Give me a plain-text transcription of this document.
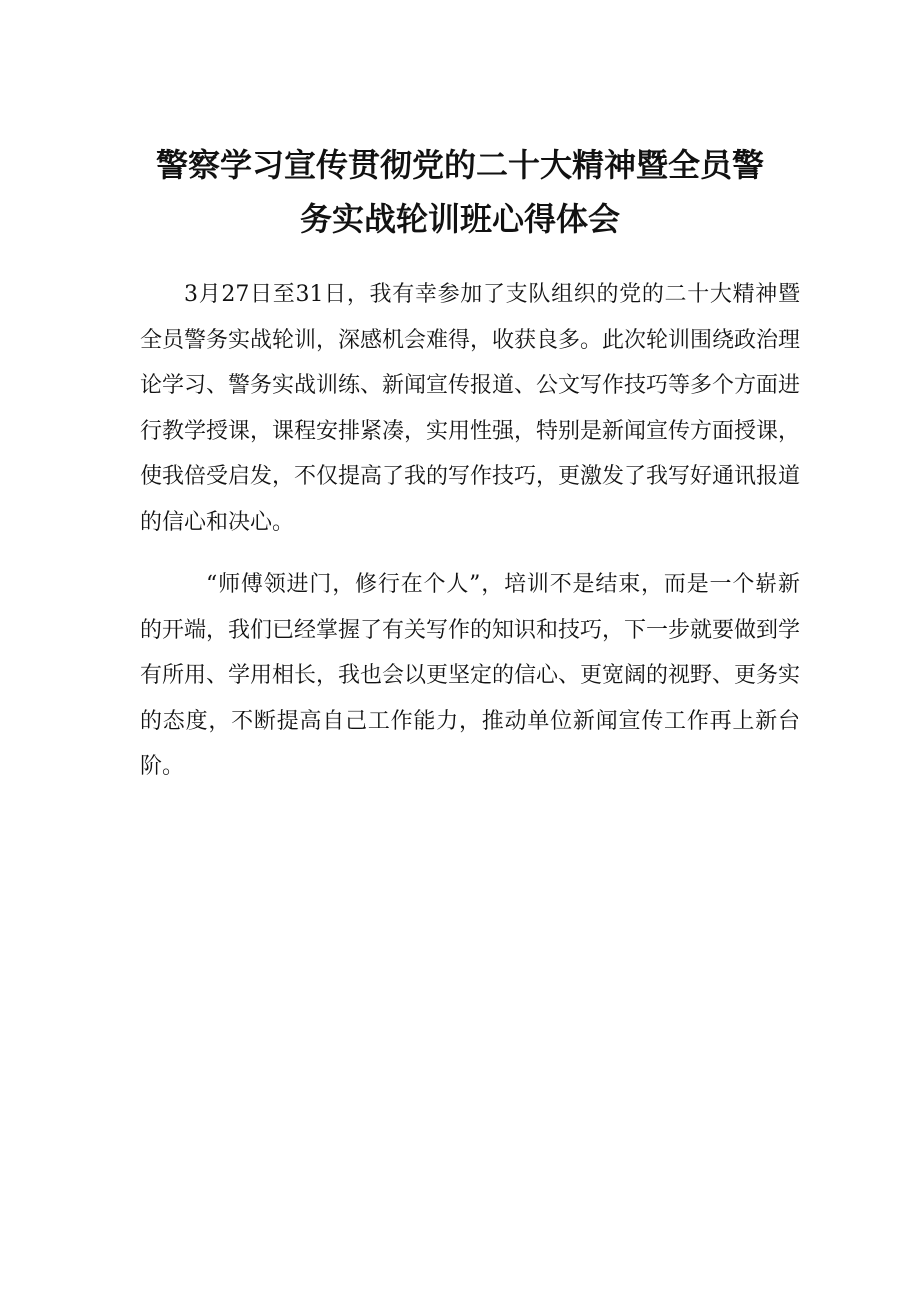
警察学习宣传贯彻党的二十大精神暨全员警
务实战轮训班心得体会

3月27日至31日，我有幸参加了支队组织的党的二十大精神暨全员警务实战轮训，深感机会难得，收获良多。此次轮训围绕政治理论学习、警务实战训练、新闻宣传报道、公文写作技巧等多个方面进行教学授课，课程安排紧凑，实用性强，特别是新闻宣传方面授课，使我倍受启发，不仅提高了我的写作技巧，更激发了我写好通讯报道的信心和决心。

“师傅领进门，修行在个人”，培训不是结束，而是一个崭新的开端，我们已经掌握了有关写作的知识和技巧，下一步就要做到学有所用、学用相长，我也会以更坚定的信心、更宽阔的视野、更务实的态度，不断提高自己工作能力，推动单位新闻宣传工作再上新台阶。
